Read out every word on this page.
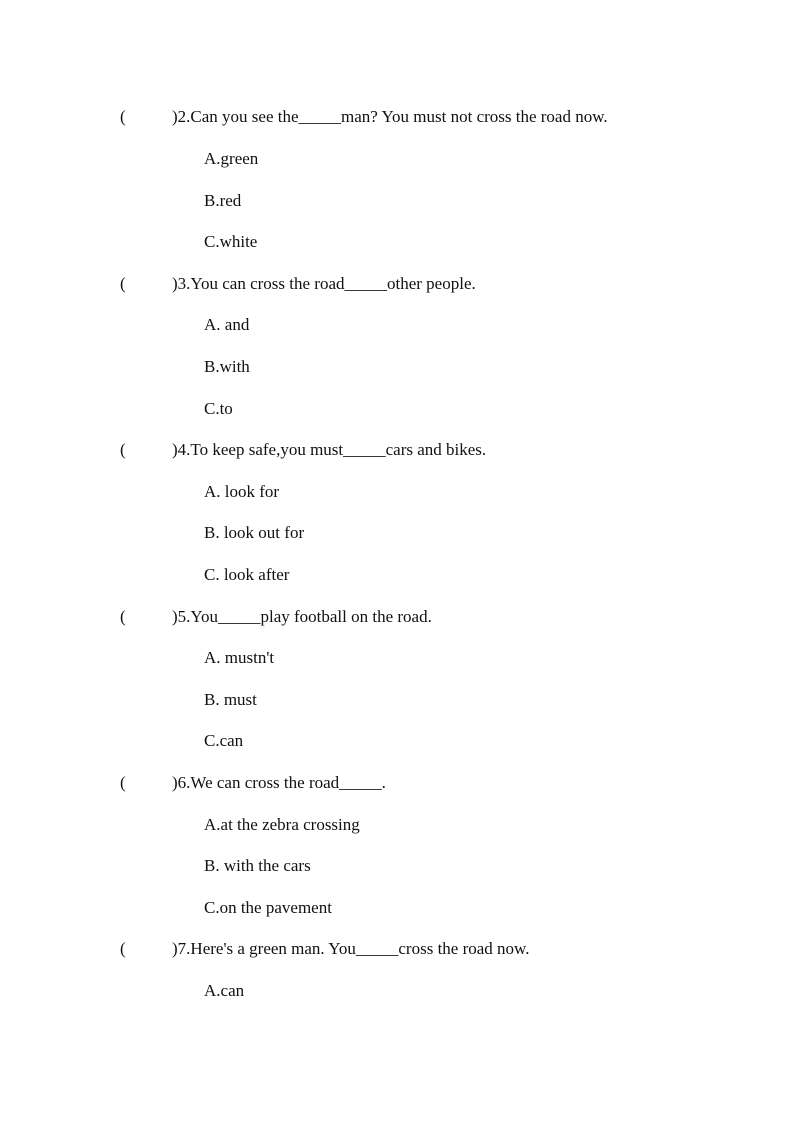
(	)2.Can you see the_____man? You must not cross the road now.
A.green
B.red
C.white
(	)3.You can cross the road_____other people.
A. and
B.with
C.to
(	)4.To keep safe,you must_____cars and bikes.
A. look for
B. look out for
C. look after
(	)5.You_____play football on the road.
A. mustn't
B. must
C.can
(	)6.We can cross the road_____.
A.at the zebra crossing
B. with the cars
C.on the pavement
(	)7.Here's a green man. You_____cross the road now.
A.can
